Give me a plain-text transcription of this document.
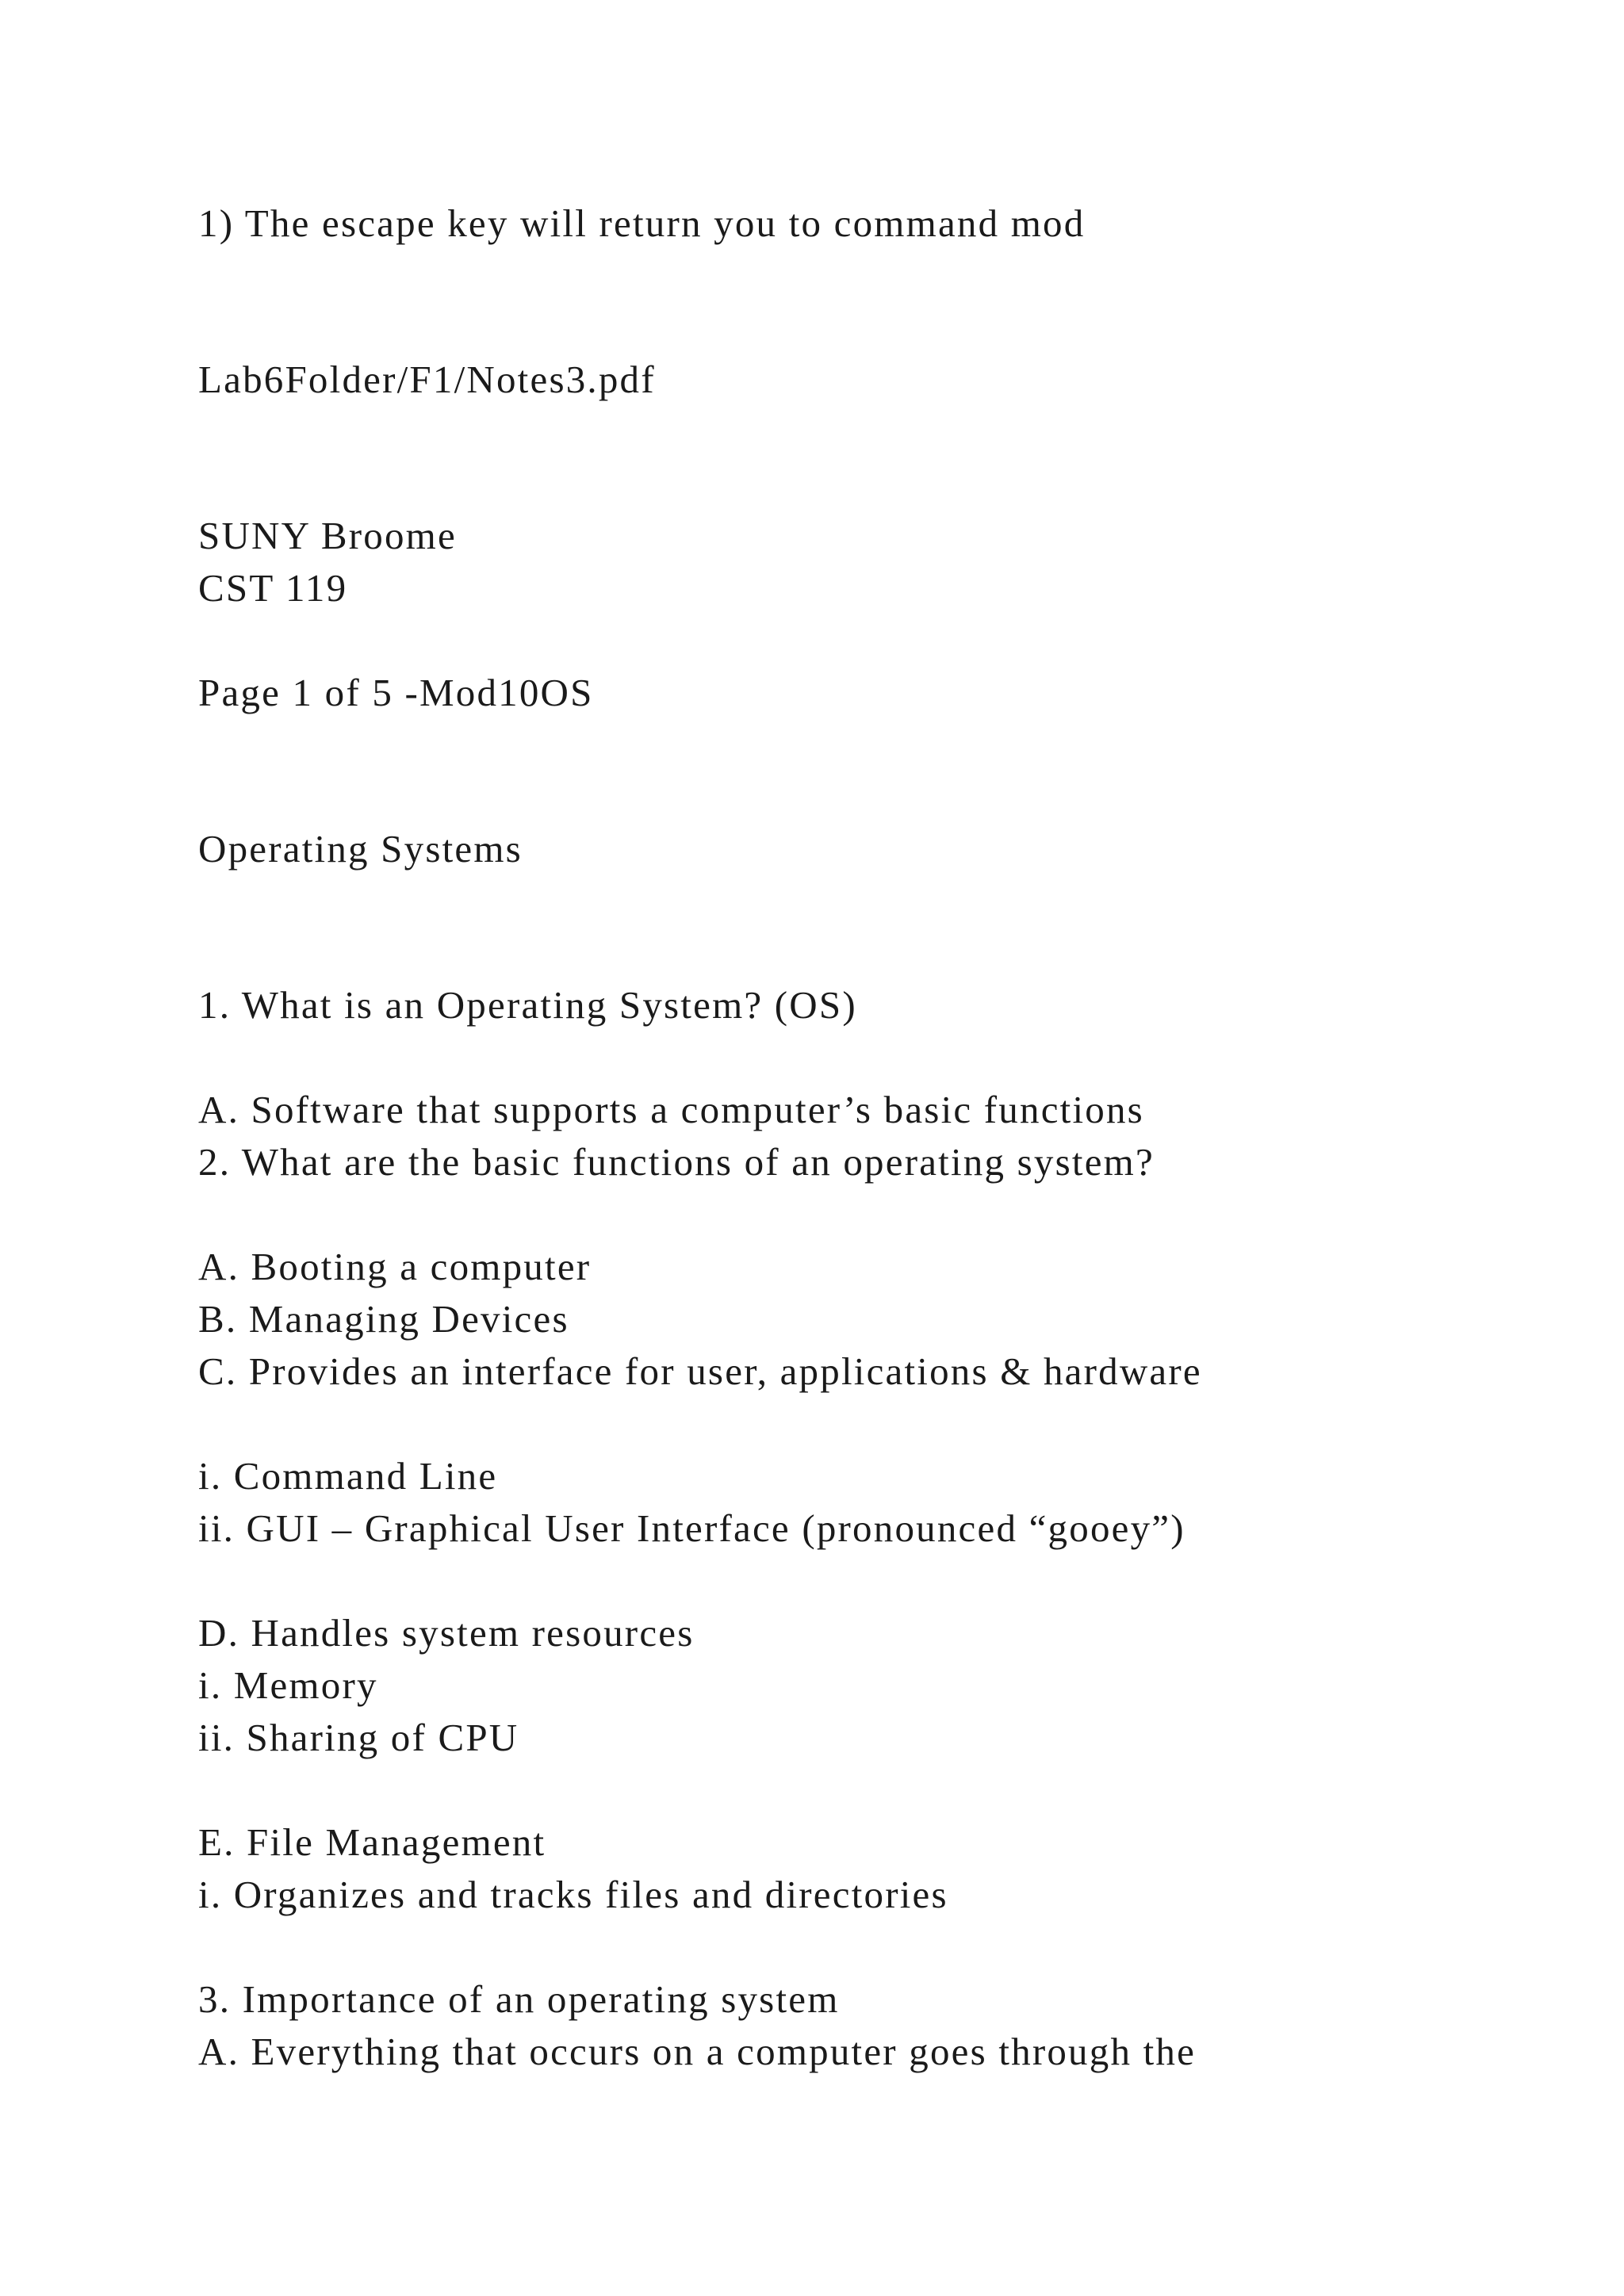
1) The escape key will return you to command mod

Lab6Folder/F1/Notes3.pdf

SUNY Broome

CST 119

Page 1 of 5 -Mod10OS

Operating Systems

1. What is an Operating System? (OS)

A. Software that supports a computer’s basic functions

2. What are the basic functions of an operating system?

A. Booting a computer

B. Managing Devices

C. Provides an interface for user, applications & hardware

i. Command Line

ii. GUI – Graphical User Interface (pronounced “gooey”)

D. Handles system resources

i. Memory

ii. Sharing of CPU

E. File Management

i. Organizes and tracks files and directories

3. Importance of an operating system

A. Everything that occurs on a computer goes through the
